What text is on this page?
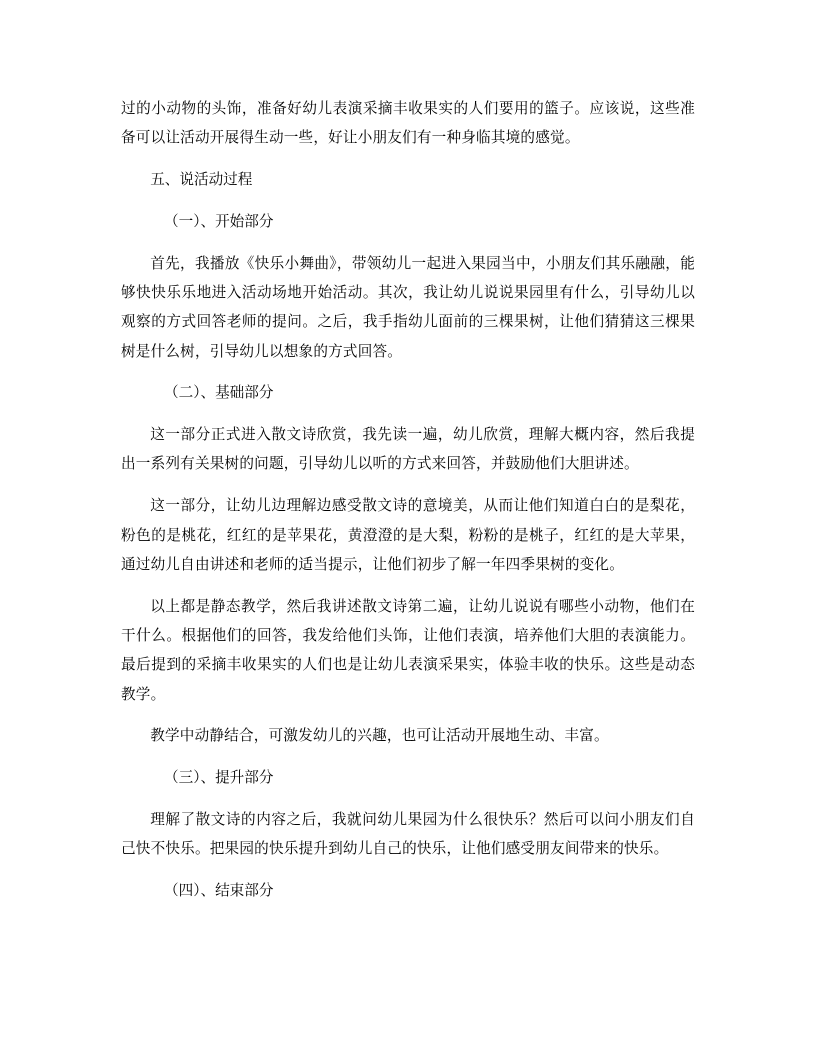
过的小动物的头饰，准备好幼儿表演采摘丰收果实的人们要用的篮子。应该说，这些准备可以让活动开展得生动一些，好让小朋友们有一种身临其境的感觉。

五、说活动过程

（一）、开始部分

首先，我播放《快乐小舞曲》，带领幼儿一起进入果园当中，小朋友们其乐融融，能够快快乐乐地进入活动场地开始活动。其次，我让幼儿说说果园里有什么，引导幼儿以观察的方式回答老师的提问。之后，我手指幼儿面前的三棵果树，让他们猜猜这三棵果树是什么树，引导幼儿以想象的方式回答。

（二）、基础部分

这一部分正式进入散文诗欣赏，我先读一遍，幼儿欣赏，理解大概内容，然后我提出一系列有关果树的问题，引导幼儿以听的方式来回答，并鼓励他们大胆讲述。

这一部分，让幼儿边理解边感受散文诗的意境美，从而让他们知道白白的是梨花，粉色的是桃花，红红的是苹果花，黄澄澄的是大梨，粉粉的是桃子，红红的是大苹果，通过幼儿自由讲述和老师的适当提示，让他们初步了解一年四季果树的变化。

以上都是静态教学，然后我讲述散文诗第二遍，让幼儿说说有哪些小动物，他们在干什么。根据他们的回答，我发给他们头饰，让他们表演，培养他们大胆的表演能力。最后提到的采摘丰收果实的人们也是让幼儿表演采果实，体验丰收的快乐。这些是动态教学。

教学中动静结合，可激发幼儿的兴趣，也可让活动开展地生动、丰富。

（三）、提升部分

理解了散文诗的内容之后，我就问幼儿果园为什么很快乐？然后可以问小朋友们自己快不快乐。把果园的快乐提升到幼儿自己的快乐，让他们感受朋友间带来的快乐。

（四）、结束部分
